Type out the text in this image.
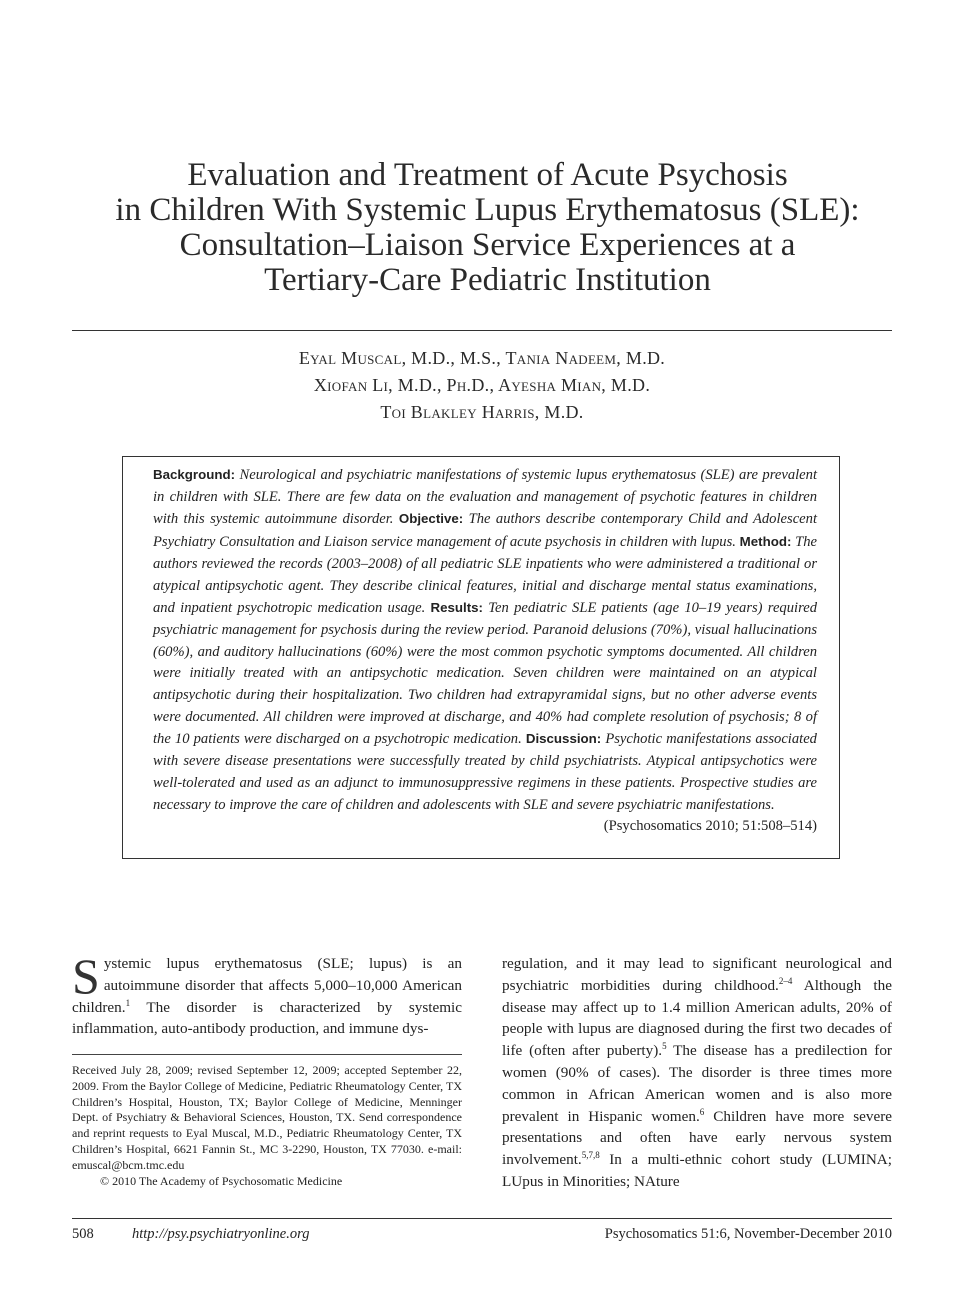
Evaluation and Treatment of Acute Psychosis
in Children With Systemic Lupus Erythematosus (SLE):
Consultation–Liaison Service Experiences at a
Tertiary-Care Pediatric Institution
Eyal Muscal, M.D., M.S., Tania Nadeem, M.D.
Xiofan Li, M.D., Ph.D., Ayesha Mian, M.D.
Toi Blakley Harris, M.D.
Background: Neurological and psychiatric manifestations of systemic lupus erythematosus (SLE) are prevalent in children with SLE. There are few data on the evaluation and management of psychotic features in children with this systemic autoimmune disorder. Objective: The authors describe contemporary Child and Adolescent Psychiatry Consultation and Liaison service management of acute psychosis in children with lupus. Method: The authors reviewed the records (2003–2008) of all pediatric SLE inpatients who were administered a traditional or atypical antipsychotic agent. They describe clinical features, initial and discharge mental status examinations, and inpatient psychotropic medication usage. Results: Ten pediatric SLE patients (age 10–19 years) required psychiatric management for psychosis during the review period. Paranoid delusions (70%), visual hallucinations (60%), and auditory hallucinations (60%) were the most common psychotic symptoms documented. All children were initially treated with an antipsychotic medication. Seven children were maintained on an atypical antipsychotic during their hospitalization. Two children had extrapyramidal signs, but no other adverse events were documented. All children were improved at discharge, and 40% had complete resolution of psychosis; 8 of the 10 patients were discharged on a psychotropic medication. Discussion: Psychotic manifestations associated with severe disease presentations were successfully treated by child psychiatrists. Atypical antipsychotics were well-tolerated and used as an adjunct to immunosuppressive regimens in these patients. Prospective studies are necessary to improve the care of children and adolescents with SLE and severe psychiatric manifestations.
(Psychosomatics 2010; 51:508–514)
Systemic lupus erythematosus (SLE; lupus) is an autoimmune disorder that affects 5,000–10,000 American children.$^1$ The disorder is characterized by systemic inflammation, auto-antibody production, and immune dys-
regulation, and it may lead to significant neurological and psychiatric morbidities during childhood.$^{2-4}$ Although the disease may affect up to 1.4 million American adults, 20% of people with lupus are diagnosed during the first two decades of life (often after puberty).$^5$ The disease has a predilection for women (90% of cases). The disorder is three times more common in African American women and is also more prevalent in Hispanic women.$^6$ Children have more severe presentations and often have early nervous system involvement.$^{5,7,8}$ In a multi-ethnic cohort study (LUMINA; LUpus in Minorities; NAture
Received July 28, 2009; revised September 12, 2009; accepted September 22, 2009. From the Baylor College of Medicine, Pediatric Rheumatology Center, TX Children’s Hospital, Houston, TX; Baylor College of Medicine, Menninger Dept. of Psychiatry & Behavioral Sciences, Houston, TX. Send correspondence and reprint requests to Eyal Muscal, M.D., Pediatric Rheumatology Center, TX Children’s Hospital, 6621 Fannin St., MC 3-2290, Houston, TX 77030. e-mail: emuscal@bcm.tmc.edu
© 2010 The Academy of Psychosomatic Medicine
508	http://psy.psychiatryonline.org	Psychosomatics 51:6, November-December 2010
